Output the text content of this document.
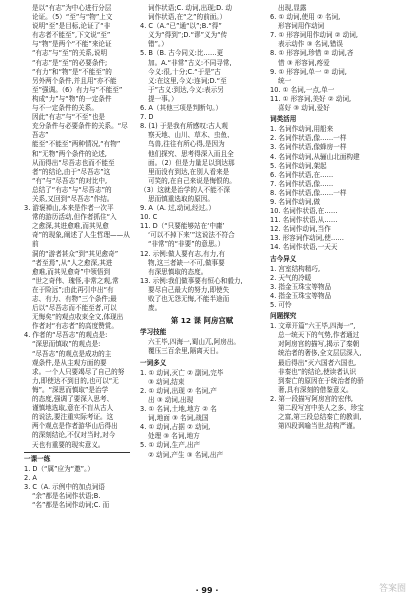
是以“有志”为中心进行分层

论证。（5）“至”与“物”上文

说明“至”是目标,论证了“非

有志者不能至”,下文说“至”

与“物”是两个“不能”来论证

“有志”与“至”的关系,说明

“有志”是“至”的必要条件;

“有力”和“物”是“不能至”的

另外两个条件,并且用“亦不能

至”强调。（6）有力与“不能至”

构成“力”与“物”的一定条件

与不一定条件的关系。

因此“有志”与“不至”也是

充分条件与必要条件的关系。“尽吾志”

能至“不能至”两种情况,“有物”

和“无物”两个条件的论述,

从而得出“尽吾志也而不能至

者”的结论,由于“尽吾志”这

“有”与“尽吾志”的对比中,

总结了“有志”与“尽吾志”的

关系,又回到“尽吾志”作结。

3. 游褒禅山,本来是作者一次平

常的游历活动,但作者抓住“入

之愈深,其进愈难,而其见愈

奇”的现象,阐述了人生哲理——从前

洞的“游者甚众”到“其见愈奇”

“者至焉”,从“人之愈深,其进

愈难,而其见愈奇”中领悟到

“世之奇伟、瑰怪,非常之观,常

在于险远”;由此再引申出“有

志、有力、有物”三个条件;最

后以“尽吾志而不能至者,可以

无悔矣”的观点收束全文,体现出

作者对“有志者”的高度赞赏。

4. 作者的“尽吾志”的观点是:

“深思而慎取”的观点是:

“尽吾志”的观点是成功的主

观条件,是从主观方面的要

求。一个人只要竭尽了自己的努

力,即使达不到目的,也可以“无

悔”。“深思而慎取”是治学

的态度,强调了要深入思考、

谨慎地选取,意在不盲从古人

的说法,要注重实际考证。这

两个观点是作者游华山后得出

的深刻结论,不仅对当时,对今

天也有重要的现实意义。

一课一练

1. D（“属”应为“邀”。）

2. A

3. C（A. 示例中的加点词语

“余”都是名词作状语;B.

“名”都是名词作动词;C. 而

词作状语;C. 动词,出现;D. 动

词作状语,在“之”的前面。）

4. C（A.“已”通“以”;B.“得”

义为“得到”;D.“谬”义为“传

错”。）

5. B（B. 古今同义:比……更

加。A.“非常”古义:不同寻常,

今义:很,十分;C.“于是”古

义:在这里,今义:连词;D.“至

于”古义:到达,今义:表示另

提一事。）

6. A（其他三项是判断句。）

7. D

8. (1) 于是我有所感叹:古人观

察天地、山川、草木、虫鱼、

鸟兽,往往有所心得,是因为

他们探究、思考得深入而且全

面。（2）但是力量足以到达那

里而没有到达,在别人看来是

可笑的,在自己来说是悔恨的。

（3）这就是治学的人不能不深

思而慎重选取的原因。

9. A（A. 过,动词,经过。）

10. C

11. D（“只要能够站在‘中庸’

‘可以不掉下来’”这说法不符合

“非常”的“非要”的意思。）

12. 示例:做人要有志,有力,有

物,这三者缺一不可,做事要

有深思慎取的态度。

13. 示例:我们做事要有恒心和毅力,

要尽自己最大的努力,即使失

败了也无怨无悔,不能半途而

废。

第 12 课 阿房宫赋

学习技能

六王毕,四海一,蜀山兀,阿房出。

覆压三百余里,隔离天日。

一词多义

1. ① 动词,灭亡 ② 副词,完毕

③ 动词,结束

2. ① 动词,出现 ② 名词,产

出 ③ 动词,出现

3. ① 名词,土地,地方 ② 名

词,地面 ③ 名词,战国

4. ① 动词,占据 ② 动词,

处理 ③ 名词,地方

5. ① 动词,生产,出产

② 动词,产生 ③ 名词,出产

出现,显露

6. ① 动词,使用 ② 名词,

形容词用作动词

7. ① 形容词用作动词 ② 动词,

表示动作 ③ 名词,错误

8. ① 形容词,珍惜 ② 动词,吝

惜 ③ 形容词,疼爱

9. ① 形容词,单一 ② 动词,

统一

10. ① 名词,一点,单一

11. ① 形容词,美好 ② 动词,

喜好 ③ 动词,爱好

词类活用

1. 名词作动词,用船来

2. 名词作状语,像……一样

3. 名词作状语,像蜂房一样

4. 名词作动词,从骊山北面构建

5. 名词作动词,架起

6. 名词作状语,在……

7. 名词作状语,像……

8. 名词作状语,像……一样

9. 名词作动词,做

10. 名词作状语,在……

11. 名词作状语,从……

12. 名词作动词,当作

13. 形容词作动词,使……

14. 名词作状语,一天天

古今异义

1. 宫室结构精巧,

2. 天气的冷暖

3. 指金玉珠宝等物品

4. 指金玉珠宝等物品

5. 可怜

问题探究

1. 文章开篇“六王毕,四海一”,

总一统天下的气势,作者通过

对阿房宫的描写,揭示了秦朝

统治者的奢侈,全文层层深入,

最后得出“灭六国者六国也,

非秦也”的结论,使读者认识

到秦亡的原因在于统治者的骄

奢,具有深刻的借鉴意义。

2. 第一段描写阿房宫的宏伟,

第二段写宫中美人之多、珍宝

之富,第三段总结秦亡的教训,

第四段讽喻当世,结构严谨。

· 99 ·	答案圈
